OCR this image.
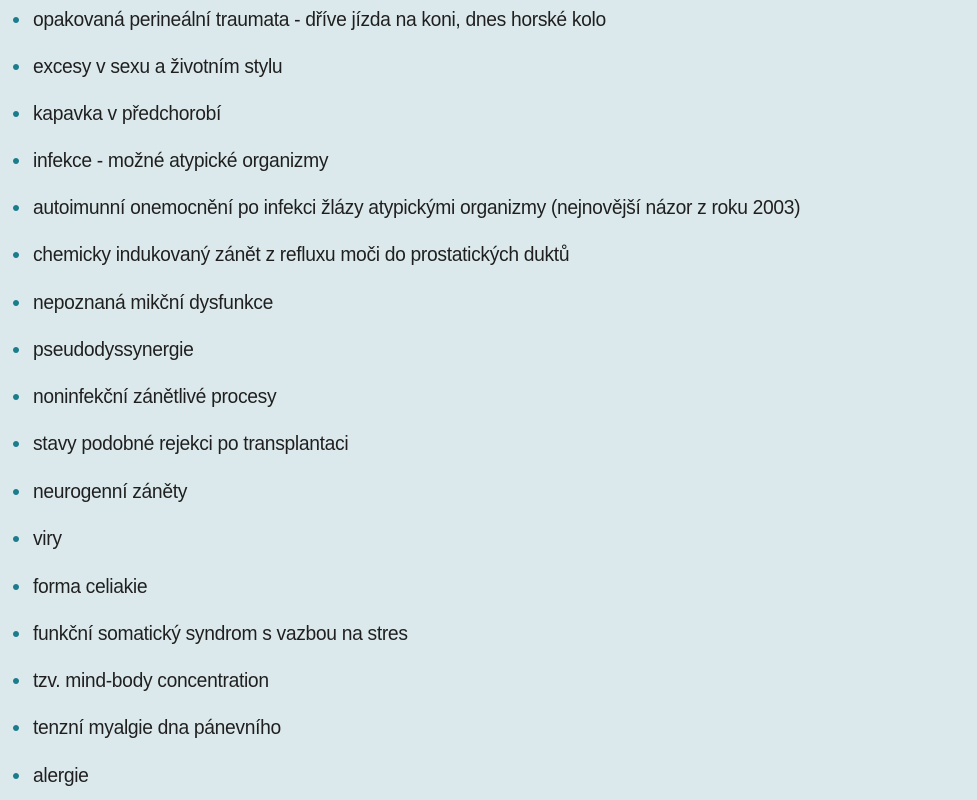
opakovaná perineální traumata - dříve jízda na koni, dnes horské kolo
excesy v sexu a životním stylu
kapavka v předchorobí
infekce - možné atypické organizmy
autoimunní onemocnění po infekci žlázy atypickými organizmy (nejnovější názor z roku 2003)
chemicky indukovaný zánět z refluxu moči do prostatických duktů
nepoznaná mikční dysfunkce
pseudodyssynergie
noninfekční zánětlivé procesy
stavy podobné rejekci po transplantaci
neurogenní záněty
viry
forma celiakie
funkční somatický syndrom s vazbou na stres
tzv. mind-body concentration
tenzní myalgie dna pánevního
alergie
